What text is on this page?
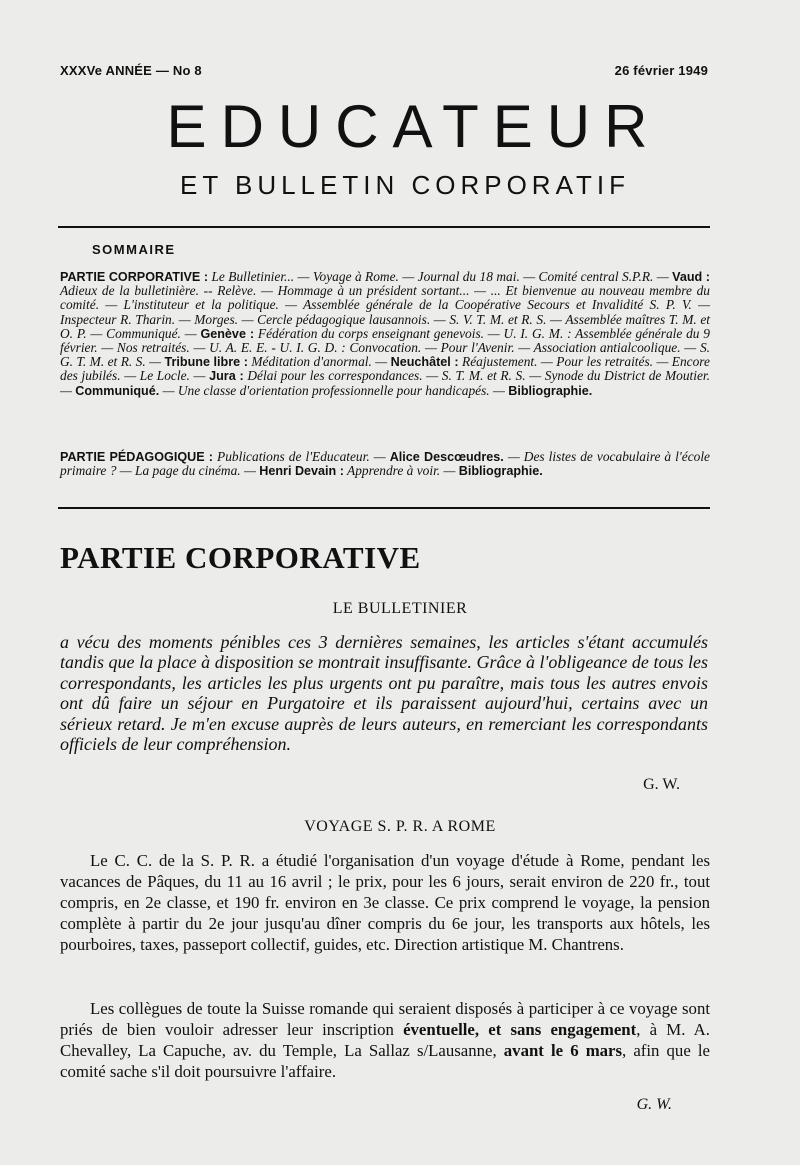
XXXVe ANNÉE — No 8	26 février 1949
EDUCATEUR
ET BULLETIN CORPORATIF
SOMMAIRE
PARTIE CORPORATIVE : Le Bulletinier... — Voyage à Rome. — Journal du 18 mai. — Comité central S.P.R. — Vaud : Adieux de la bulletinière. -- Relève. — Hommage à un président sortant... — ... Et bienvenue au nouveau membre du comité. — L'instituteur et la politique. — Assemblée générale de la Coopérative Secours et Invalidité S. P. V. — Inspecteur R. Tharin. — Morges. — Cercle pédagogique lausannois. — S. V. T. M. et R. S. — Assemblée maîtres T. M. et O. P. — Communiqué. — Genève : Fédération du corps enseignant genevois. — U. I. G. M. : Assemblée générale du 9 février. — Nos retraités. — U. A. E. E. - U. I. G. D. : Convocation. — Pour l'Avenir. — Association antialcoolique. — S. G. T. M. et R. S. — Tribune libre : Méditation d'anormal. — Neuchâtel : Réajustement. — Pour les retraités. — Encore des jubilés. — Le Locle. — Jura : Délai pour les correspondances. — S. T. M. et R. S. — Synode du District de Moutier. — Communiqué. — Une classe d'orientation professionnelle pour handicapés. — Bibliographie.
PARTIE PÉDAGOGIQUE : Publications de l'Educateur. — Alice Descœudres. — Des listes de vocabulaire à l'école primaire ? — La page du cinéma. — Henri Devain : Apprendre à voir. — Bibliographie.
PARTIE CORPORATIVE
LE BULLETINIER
a vécu des moments pénibles ces 3 dernières semaines, les articles s'étant accumulés tandis que la place à disposition se montrait insuffisante. Grâce à l'obligeance de tous les correspondants, les articles les plus urgents ont pu paraître, mais tous les autres envois ont dû faire un séjour en Purgatoire et ils paraissent aujourd'hui, certains avec un sérieux retard. Je m'en excuse auprès de leurs auteurs, en remerciant les correspondants officiels de leur compréhension.
G. W.
VOYAGE S. P. R. A ROME
Le C. C. de la S. P. R. a étudié l'organisation d'un voyage d'étude à Rome, pendant les vacances de Pâques, du 11 au 16 avril ; le prix, pour les 6 jours, serait environ de 220 fr., tout compris, en 2e classe, et 190 fr. environ en 3e classe. Ce prix comprend le voyage, la pension complète à partir du 2e jour jusqu'au dîner compris du 6e jour, les transports aux hôtels, les pourboires, taxes, passeport collectif, guides, etc. Direction artistique M. Chantrens.
Les collègues de toute la Suisse romande qui seraient disposés à participer à ce voyage sont priés de bien vouloir adresser leur inscription éventuelle, et sans engagement, à M. A. Chevalley, La Capuche, av. du Temple, La Sallaz s/Lausanne, avant le 6 mars, afin que le comité sache s'il doit poursuivre l'affaire.
G. W.
